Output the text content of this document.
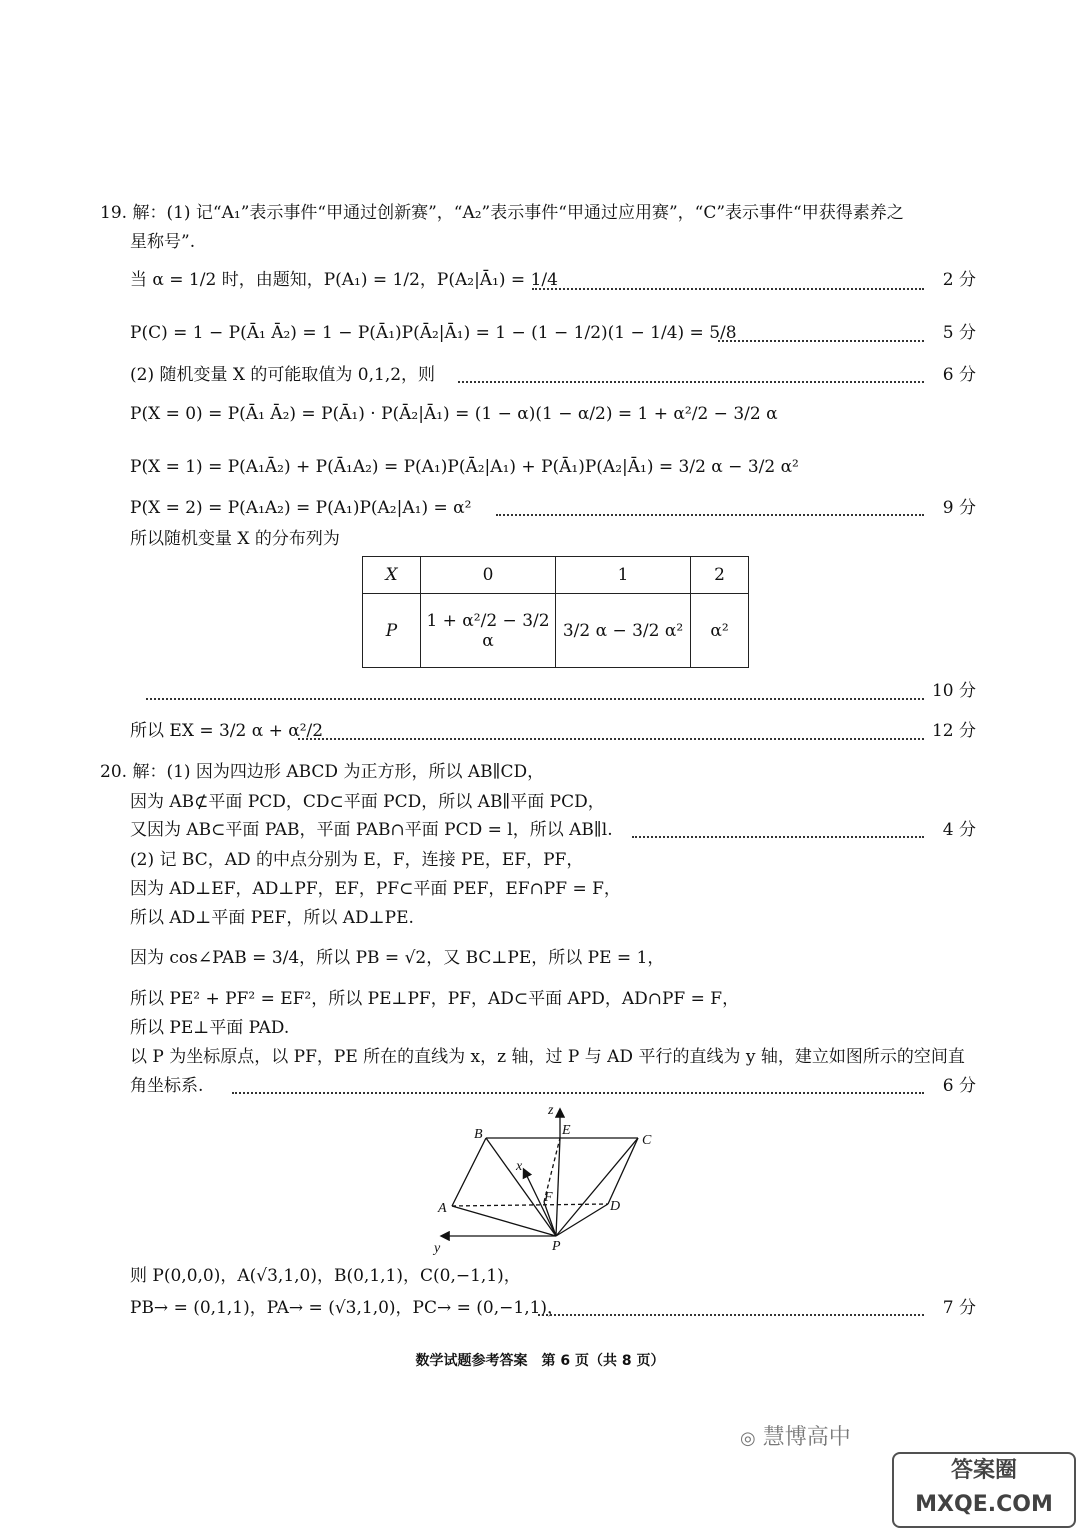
19. 解：(1) 记“A₁”表示事件“甲通过创新赛”，“A₂”表示事件“甲通过应用赛”，“C”表示事件“甲获得素养之
星称号”.
当 α = 1/2 时，由题知，P(A₁) = 1/2，P(A₂|Ā₁) = 1/4	2 分
P(C) = 1 − P(Ā₁ Ā₂) = 1 − P(Ā₁)P(Ā₂|Ā₁) = 1 − (1 − 1/2)(1 − 1/4) = 5/8	5 分
(2) 随机变量 X 的可能取值为 0,1,2，则	6 分
P(X = 0) = P(Ā₁ Ā₂) = P(Ā₁) · P(Ā₂|Ā₁) = (1 − α)(1 − α/2) = 1 + α²/2 − 3/2 α
P(X = 1) = P(A₁Ā₂) + P(Ā₁A₂) = P(A₁)P(Ā₂|A₁) + P(Ā₁)P(A₂|Ā₁) = 3/2 α − 3/2 α²
P(X = 2) = P(A₁A₂) = P(A₁)P(A₂|A₁) = α²	9 分
所以随机变量 X 的分布列为
X	0	1	2
P	1 + α²/2 − 3/2 α	3/2 α − 3/2 α²	α²
10 分
所以 EX = 3/2 α + α²/2	12 分
20. 解：(1) 因为四边形 ABCD 为正方形，所以 AB∥CD，
因为 AB⊄平面 PCD，CD⊂平面 PCD，所以 AB∥平面 PCD，
又因为 AB⊂平面 PAB，平面 PAB∩平面 PCD = l，所以 AB∥l.	4 分
(2) 记 BC，AD 的中点分别为 E，F，连接 PE，EF，PF，
因为 AD⊥EF，AD⊥PF，EF，PF⊂平面 PEF，EF∩PF = F，
所以 AD⊥平面 PEF，所以 AD⊥PE.
因为 cos∠PAB = 3/4，所以 PB = √2，又 BC⊥PE，所以 PE = 1，
所以 PE² + PF² = EF²，所以 PE⊥PF，PF，AD⊂平面 APD，AD∩PF = F，
所以 PE⊥平面 PAD.
以 P 为坐标原点，以 PF，PE 所在的直线为 x，z 轴，过 P 与 AD 平行的直线为 y 轴，建立如图所示的空间直
角坐标系.	6 分
B	E
C
z
x
F
A	D
y	P
则 P(0,0,0)，A(√3,1,0)，B(0,1,1)，C(0,−1,1)，
PB→ = (0,1,1)，PA→ = (√3,1,0)，PC→ = (0,−1,1)，	7 分
数学试题参考答案　第 6 页（共 8 页）
◎ 慧博高中
答案圈 MXQE.COM
